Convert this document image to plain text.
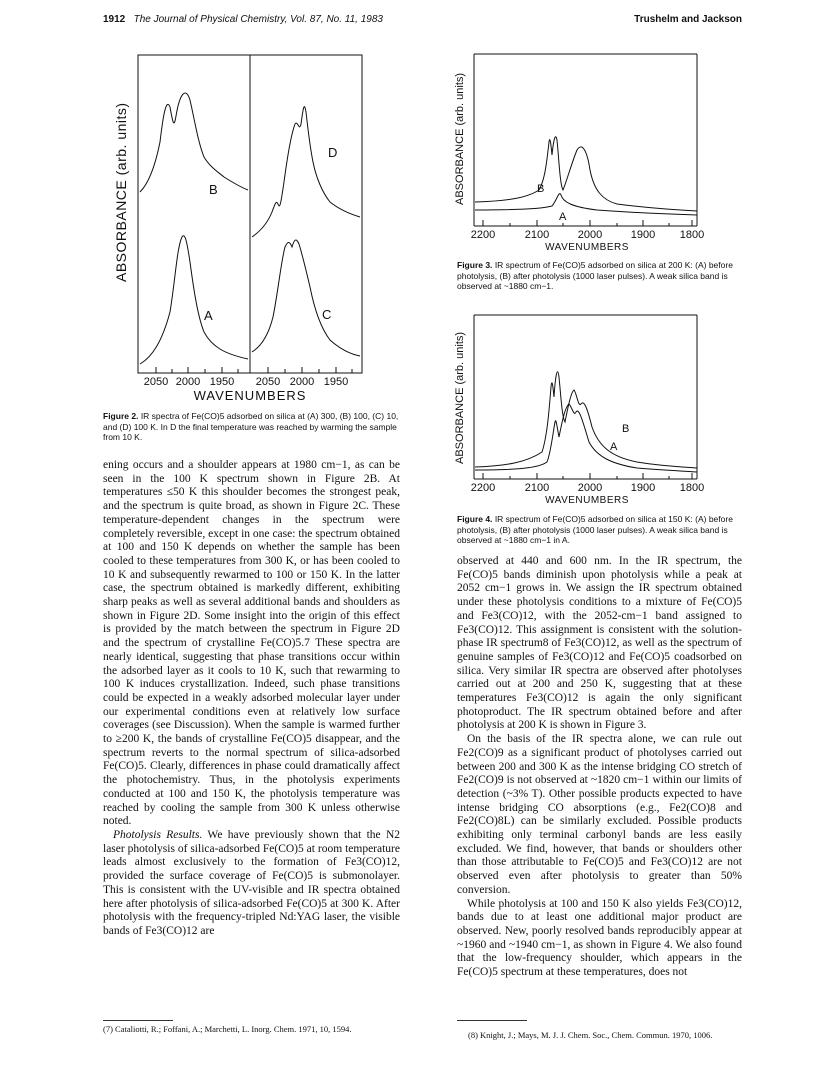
1912 The Journal of Physical Chemistry, Vol. 87, No. 11, 1983	Trushelm and Jackson
ABSORBANCE (arb. units)	B
D
A	C
2050 2000 1950 2050 2000 1950
WAVENUMBERS
Figure 2. IR spectra of Fe(CO)5 adsorbed on silica at (A) 300, (B) 100, (C) 10, and (D) 100 K. In D the final temperature was reached by warming the sample from 10 K.
ABSORBANCE (arb. units)	B
A
2200	2100	2000	1900 1800
WAVENUMBERS
Figure 3. IR spectrum of Fe(CO)5 adsorbed on silica at 200 K: (A) before photolysis, (B) after photolysis (1000 laser pulses). A weak silica band is observed at ~1880 cm−1.
ABSORBANCE (arb. units)	B
A
2200	2100	2000	1900 1800
WAVENUMBERS
Figure 4. IR spectrum of Fe(CO)5 adsorbed on silica at 150 K: (A) before photolysis, (B) after photolysis (1000 laser pulses). A weak silica band is observed at ~1880 cm−1 in A.

ening occurs and a shoulder appears at 1980 cm−1, as can be seen in the 100 K spectrum shown in Figure 2B. At temperatures ≤50 K this shoulder becomes the strongest peak, and the spectrum is quite broad, as shown in Figure 2C. These temperature-dependent changes in the spectrum were completely reversible, except in one case: the spectrum obtained at 100 and 150 K depends on whether the sample has been cooled to these temperatures from 300 K, or has been cooled to 10 K and subsequently rewarmed to 100 or 150 K. In the latter case, the spectrum obtained is markedly different, exhibiting sharp peaks as well as several additional bands and shoulders as shown in Figure 2D. Some insight into the origin of this effect is provided by the match between the spectrum in Figure 2D and the spectrum of crystalline Fe(CO)5.7 These spectra are nearly identical, suggesting that phase transitions occur within the adsorbed layer as it cools to 10 K, such that rewarming to 100 K induces crystallization. Indeed, such phase transitions could be expected in a weakly adsorbed molecular layer under our experimental conditions even at relatively low surface coverages (see Discussion). When the sample is warmed further to ≥200 K, the bands of crystalline Fe(CO)5 disappear, and the spectrum reverts to the normal spectrum of silica-adsorbed Fe(CO)5. Clearly, differences in phase could dramatically affect the photochemistry. Thus, in the photolysis experiments conducted at 100 and 150 K, the photolysis temperature was reached by cooling the sample from 300 K unless otherwise noted.

Photolysis Results. We have previously shown that the N2 laser photolysis of silica-adsorbed Fe(CO)5 at room temperature leads almost exclusively to the formation of Fe3(CO)12, provided the surface coverage of Fe(CO)5 is submonolayer. This is consistent with the UV-visible and IR spectra obtained here after photolysis of silica-adsorbed Fe(CO)5 at 300 K. After photolysis with the frequency-tripled Nd:YAG laser, the visible bands of Fe3(CO)12 are

(7) Cataliotti, R.; Foffani, A.; Marchetti, L. Inorg. Chem. 1971, 10, 1594.

observed at 440 and 600 nm. In the IR spectrum, the Fe(CO)5 bands diminish upon photolysis while a peak at 2052 cm−1 grows in. We assign the IR spectrum obtained under these photolysis conditions to a mixture of Fe(CO)5 and Fe3(CO)12, with the 2052-cm−1 band assigned to Fe3(CO)12. This assignment is consistent with the solution-phase IR spectrum8 of Fe3(CO)12, as well as the spectrum of genuine samples of Fe3(CO)12 and Fe(CO)5 coadsorbed on silica. Very similar IR spectra are observed after photolyses carried out at 200 and 250 K, suggesting that at these temperatures Fe3(CO)12 is again the only significant photoproduct. The IR spectrum obtained before and after photolysis at 200 K is shown in Figure 3.

On the basis of the IR spectra alone, we can rule out Fe2(CO)9 as a significant product of photolyses carried out between 200 and 300 K as the intense bridging CO stretch of Fe2(CO)9 is not observed at ~1820 cm−1 within our limits of detection (~3% T). Other possible products expected to have intense bridging CO absorptions (e.g., Fe2(CO)8 and Fe2(CO)8L) can be similarly excluded. Possible products exhibiting only terminal carbonyl bands are less easily excluded. We find, however, that bands or shoulders other than those attributable to Fe(CO)5 and Fe3(CO)12 are not observed even after photolysis to greater than 50% conversion.

While photolysis at 100 and 150 K also yields Fe3(CO)12, bands due to at least one additional major product are observed. New, poorly resolved bands reproducibly appear at ~1960 and ~1940 cm−1, as shown in Figure 4. We also found that the low-frequency shoulder, which appears in the Fe(CO)5 spectrum at these temperatures, does not

(8) Knight, J.; Mays, M. J. J. Chem. Soc., Chem. Commun. 1970, 1006.
